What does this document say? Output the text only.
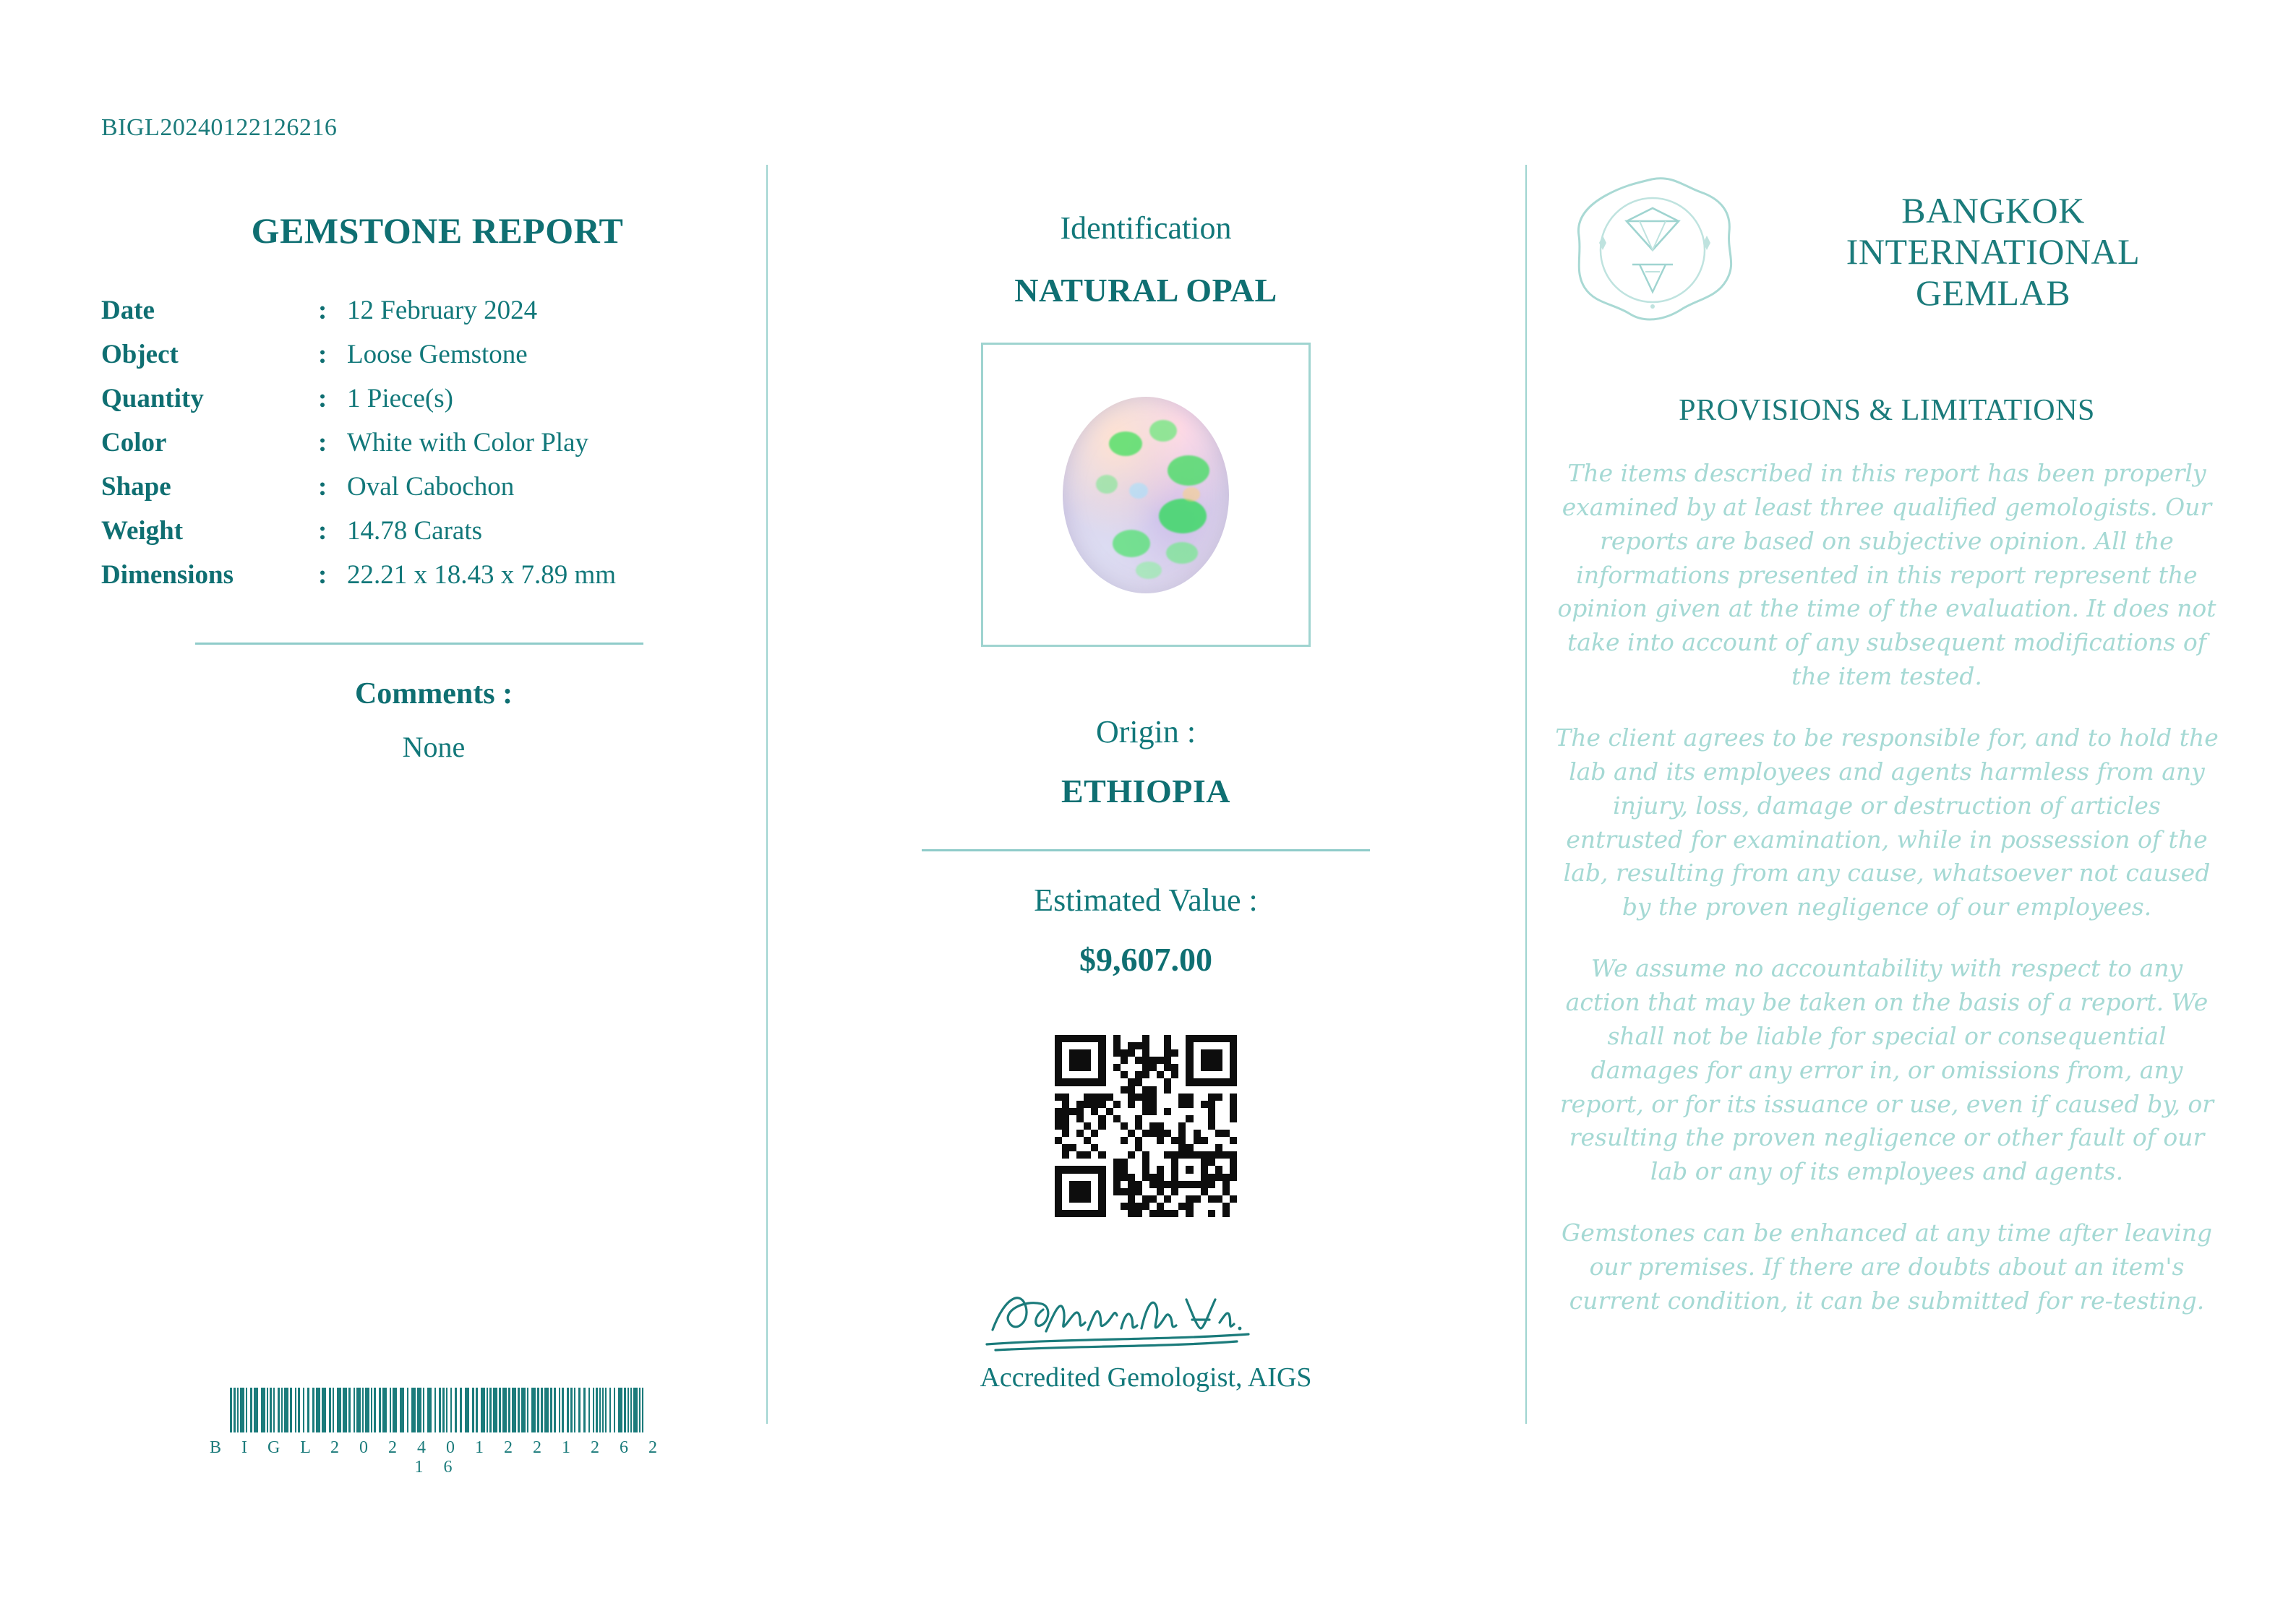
BIGL20240122126216
GEMSTONE REPORT
Date	: 12 February 2024
Object	: Loose Gemstone
Quantity	: 1 Piece(s)
Color	: White with Color Play
Shape	: Oval Cabochon
Weight	: 14.78 Carats
Dimensions	: 22.21 x 18.43 x 7.89 mm
Comments :
None
B I G L 2 0 2 4 0 1 2 2 1 2 6 2 1 6
Identification
NATURAL OPAL
Origin :
ETHIOPIA
Estimated Value :
$9,607.00
Accredited Gemologist, AIGS
BANGKOK INTERNATIONAL GEMLAB
PROVISIONS & LIMITATIONS

The items described in this report has been properly examined by at least three qualified gemologists. Our reports are based on subjective opinion. All the informations presented in this report represent the opinion given at the time of the evaluation. It does not take into account of any subsequent modifications of the item tested.

The client agrees to be responsible for, and to hold the lab and its employees and agents harmless from any injury, loss, damage or destruction of articles entrusted for examination, while in possession of the lab, resulting from any cause, whatsoever not caused by the proven negligence of our employees.

We assume no accountability with respect to any action that may be taken on the basis of a report. We shall not be liable for special or consequential damages for any error in, or omissions from, any report, or for its issuance or use, even if caused by, or resulting the proven negligence or other fault of our lab or any of its employees and agents.

Gemstones can be enhanced at any time after leaving our premises. If there are doubts about an item's current condition, it can be submitted for re-testing.
